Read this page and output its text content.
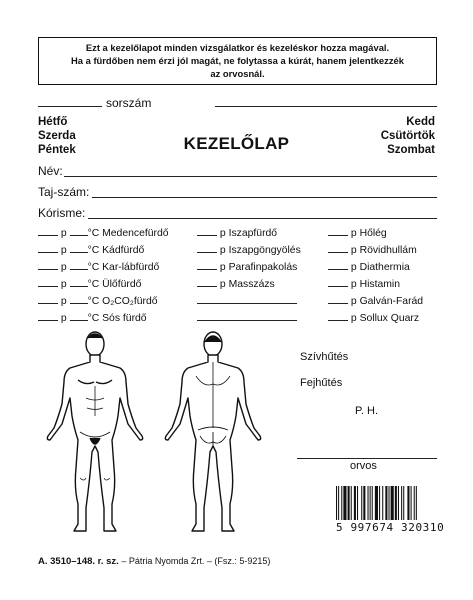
Ezt a kezelőlapot minden vizsgálatkor és kezeléskor hozza magával.
Ha a fürdőben nem érzi jól magát, ne folytassa a kúrát, hanem jelentkezzék
az orvosnál.
sorszám
Hétfő
Szerda
Péntek
Kedd
Csütörtök
Szombat
KEZELŐLAP
Név:
Taj-szám:
Kórisme:
p °C Medencefürdő
p °C Kádfürdő
p °C Kar-lábfürdő
p °C Ülőfürdő
p °C O₂CO₂fürdő
p °C Sós fürdő
p Iszapfürdő
p Iszapgöngyölés
p Parafinpakolás
p Masszázs
p Hőlég
p Rövidhullám
p Diathermia
p Histamin
p Galván-Farád
p Sollux Quarz
Szívhűtés
Fejhűtés
P. H.
orvos
5 997674 320310
A. 3510–148. r. sz. – Pátria Nyomda Zrt. – (Fsz.: 5-9215)
